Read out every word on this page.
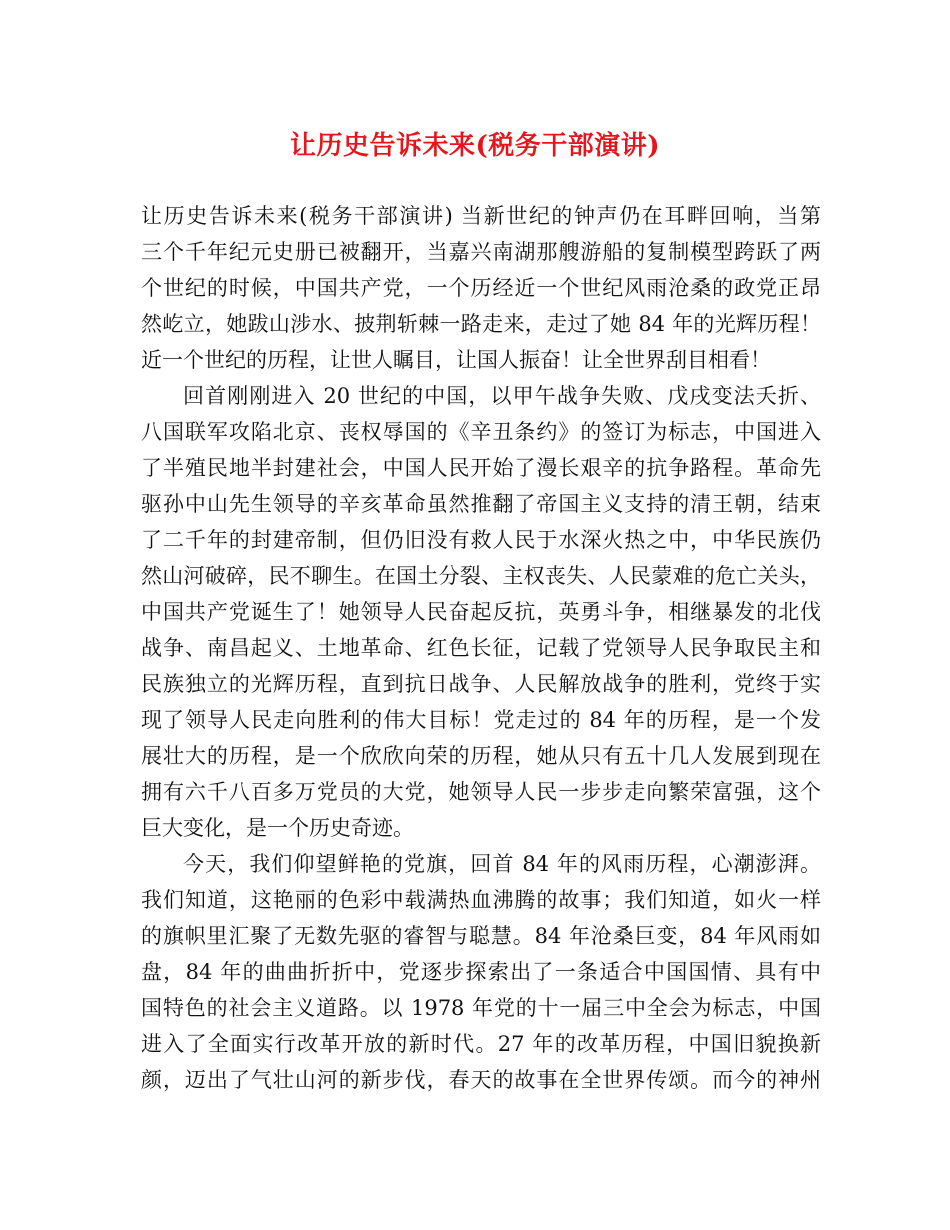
让历史告诉未来(税务干部演讲)
让历史告诉未来(税务干部演讲) 当新世纪的钟声仍在耳畔回响，当第
三个千年纪元史册已被翻开，当嘉兴南湖那艘游船的复制模型跨跃了两
个世纪的时候，中国共产党，一个历经近一个世纪风雨沧桑的政党正昂
然屹立，她跋山涉水、披荆斩棘一路走来，走过了她 84 年的光辉历程！
近一个世纪的历程，让世人瞩目，让国人振奋！让全世界刮目相看！
回首刚刚进入 20 世纪的中国，以甲午战争失败、戊戌变法夭折、
八国联军攻陷北京、丧权辱国的《辛丑条约》的签订为标志，中国进入
了半殖民地半封建社会，中国人民开始了漫长艰辛的抗争路程。革命先
驱孙中山先生领导的辛亥革命虽然推翻了帝国主义支持的清王朝，结束
了二千年的封建帝制，但仍旧没有救人民于水深火热之中，中华民族仍
然山河破碎，民不聊生。在国土分裂、主权丧失、人民蒙难的危亡关头，
中国共产党诞生了！她领导人民奋起反抗，英勇斗争，相继暴发的北伐
战争、南昌起义、土地革命、红色长征，记载了党领导人民争取民主和
民族独立的光辉历程，直到抗日战争、人民解放战争的胜利，党终于实
现了领导人民走向胜利的伟大目标！党走过的 84 年的历程，是一个发
展壮大的历程，是一个欣欣向荣的历程，她从只有五十几人发展到现在
拥有六千八百多万党员的大党，她领导人民一步步走向繁荣富强，这个
巨大变化，是一个历史奇迹。
今天，我们仰望鲜艳的党旗，回首 84 年的风雨历程，心潮澎湃。
我们知道，这艳丽的色彩中载满热血沸腾的故事；我们知道，如火一样
的旗帜里汇聚了无数先驱的睿智与聪慧。84 年沧桑巨变，84 年风雨如
盘，84 年的曲曲折折中，党逐步探索出了一条适合中国国情、具有中
国特色的社会主义道路。以 1978 年党的十一届三中全会为标志，中国
进入了全面实行改革开放的新时代。27 年的改革历程，中国旧貌换新
颜，迈出了气壮山河的新步伐，春天的故事在全世界传颂。而今的神州
